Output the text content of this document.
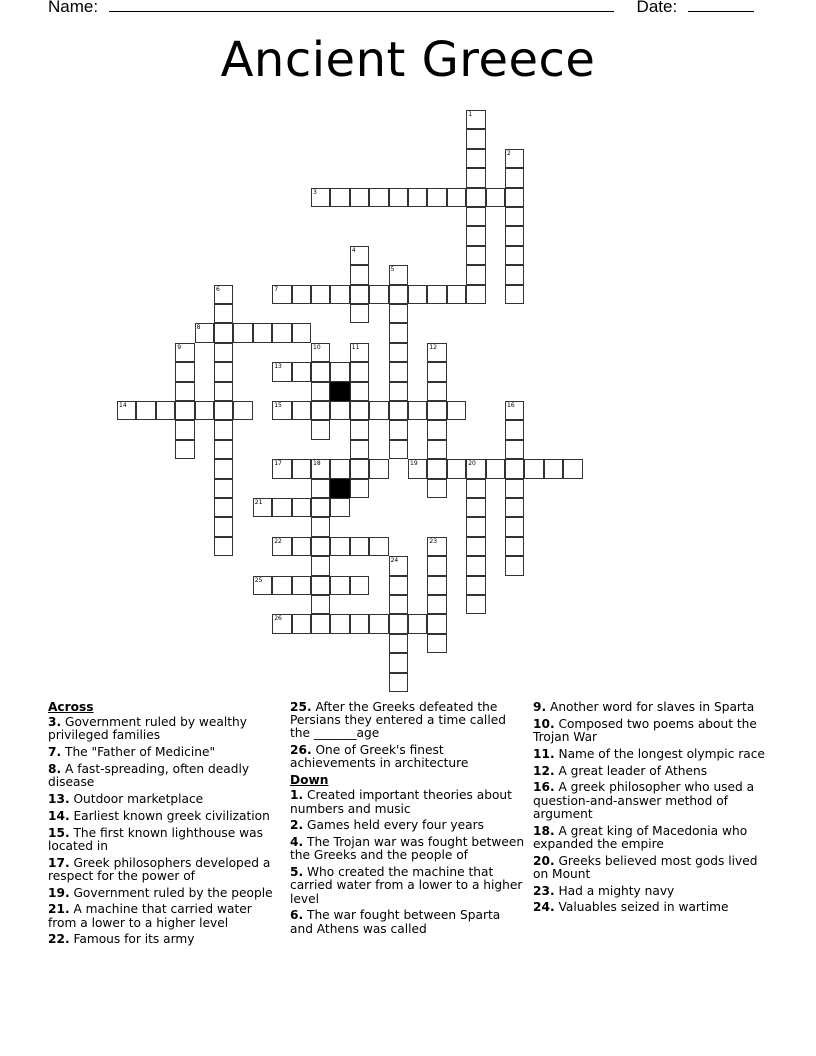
Name:	Date:
Ancient Greece
3
7
8
13
14	15
17	18	19	20
21
22
25
26
1
2
4
5
6
9	10	11	12
16
23
24
Across
3. Government ruled by wealthy privileged families
7. The "Father of Medicine"
8. A fast-spreading, often deadly disease
13. Outdoor marketplace
14. Earliest known greek civilization
15. The first known lighthouse was located in
17. Greek philosophers developed a respect for the power of
19. Government ruled by the people
21. A machine that carried water from a lower to a higher level
22. Famous for its army
25. After the Greeks defeated the Persians they entered a time called the _______age
26. One of Greek's finest achievements in architecture
Down
1. Created important theories about numbers and music
2. Games held every four years
4. The Trojan war was fought between the Greeks and the people of
5. Who created the machine that carried water from a lower to a higher level
6. The war fought between Sparta and Athens was called
9. Another word for slaves in Sparta
10. Composed two poems about the Trojan War
11. Name of the longest olympic race
12. A great leader of Athens
16. A greek philosopher who used a question-and-answer method of argument
18. A great king of Macedonia who expanded the empire
20. Greeks believed most gods lived on Mount
23. Had a mighty navy
24. Valuables seized in wartime
